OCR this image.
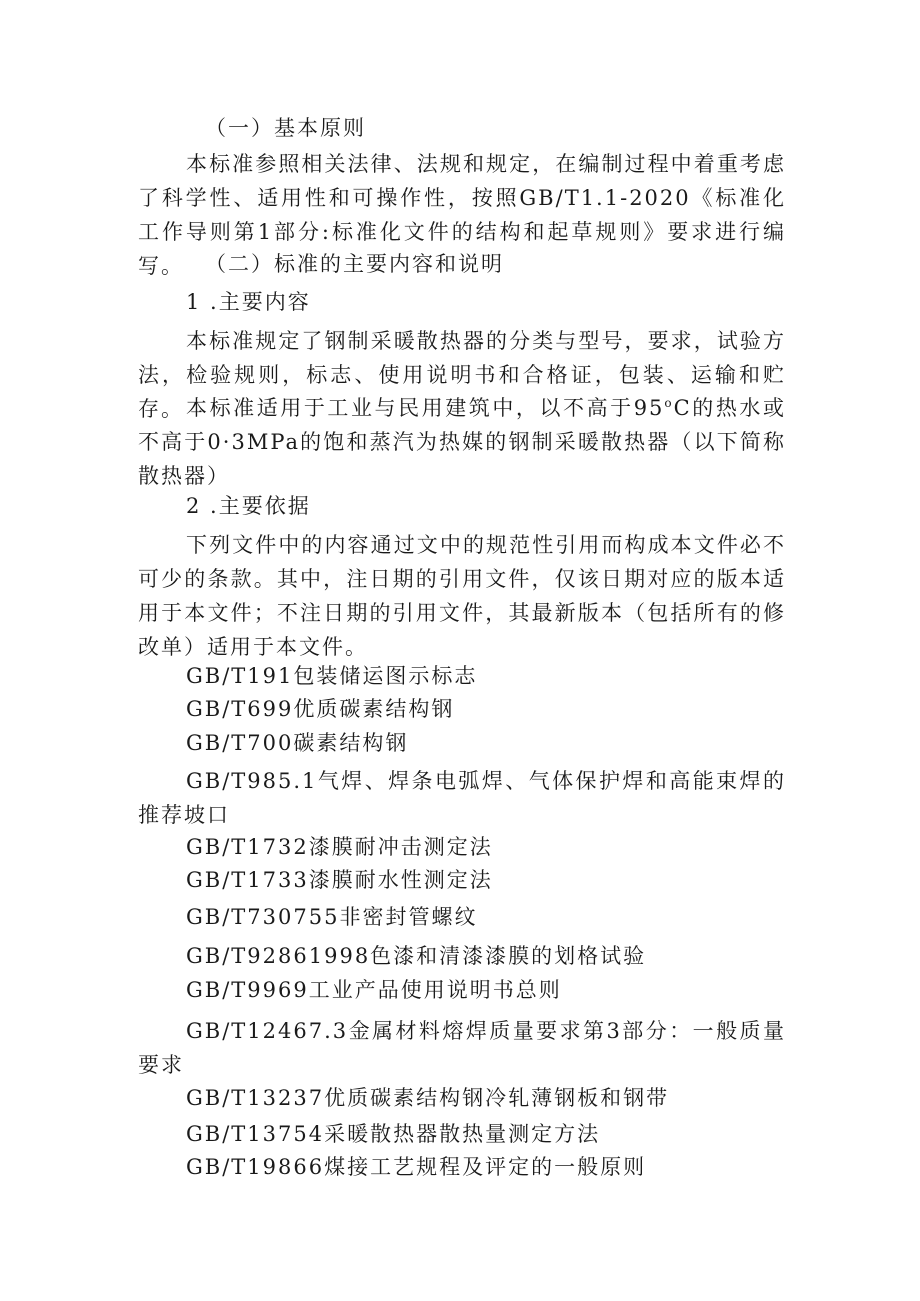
（一）基本原则
本标准参照相关法律、法规和规定，在编制过程中着重考虑了科学性、适用性和可操作性，按照GB/T1.1-2020《标准化工作导则第1部分:标准化文件的结构和起草规则》要求进行编写。	（二）标准的主要内容和说明
1 .主要内容
本标准规定了钢制采暖散热器的分类与型号，要求，试验方法，检验规则，标志、使用说明书和合格证，包装、运输和贮存。 本标准适用于工业与民用建筑中，以不高于95$^o$C的热水或不高于0·3MPa的饱和蒸汽为热媒的钢制采暖散热器（以下简称散热器）
2 .主要依据
下列文件中的内容通过文中的规范性引用而构成本文件必不可少的条款。其中，注日期的引用文件，仅该日期对应的版本适用于本文件；不注日期的引用文件，其最新版本（包括所有的修改单）适用于本文件。
GB/T191包装储运图示标志
GB/T699优质碳素结构钢
GB/T700碳素结构钢
GB/T985.1气焊、焊条电弧焊、气体保护焊和高能束焊的推荐坡口
GB/T1732漆膜耐冲击测定法
GB/T1733漆膜耐水性测定法
GB/T730755非密封管螺纹
GB/T92861998色漆和清漆漆膜的划格试验
GB/T9969工业产品使用说明书总则
GB/T12467.3金属材料熔焊质量要求第3部分：一般质量要求
GB/T13237优质碳素结构钢冷轧薄钢板和钢带
GB/T13754采暖散热器散热量测定方法
GB/T19866煤接工艺规程及评定的一般原则
